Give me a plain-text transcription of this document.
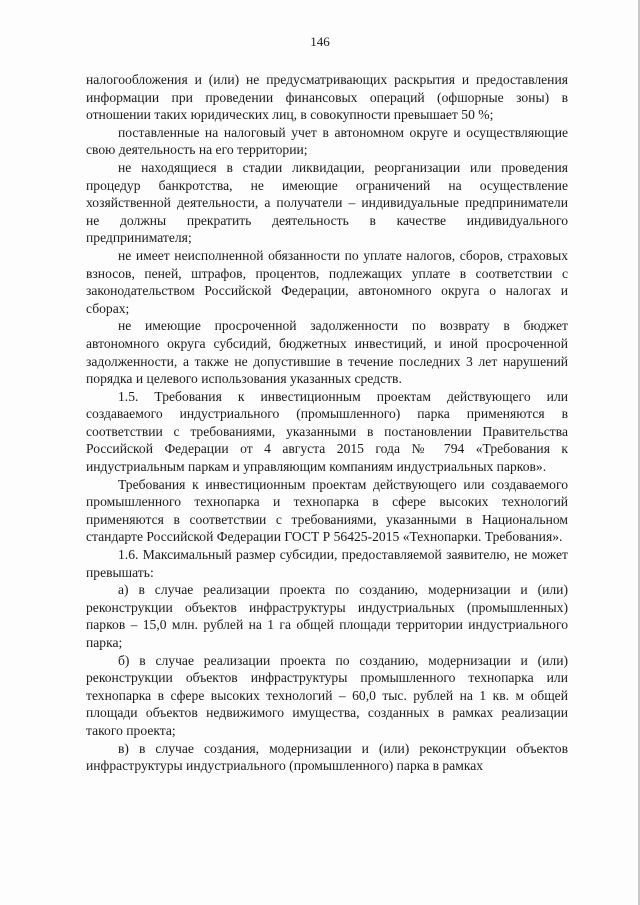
146

налогообложения и (или) не предусматривающих раскрытия и предоставления информации при проведении финансовых операций (офшорные зоны) в отношении таких юридических лиц, в совокупности превышает 50 %;

поставленные на налоговый учет в автономном округе и осуществляющие свою деятельность на его территории;

не находящиеся в стадии ликвидации, реорганизации или проведения процедур банкротства, не имеющие ограничений на осуществление хозяйственной деятельности, а получатели – индивидуальные предприниматели не должны прекратить деятельность в качестве индивидуального предпринимателя;

не имеет неисполненной обязанности по уплате налогов, сборов, страховых взносов, пеней, штрафов, процентов, подлежащих уплате в соответствии с законодательством Российской Федерации, автономного округа о налогах и сборах;

не имеющие просроченной задолженности по возврату в бюджет автономного округа субсидий, бюджетных инвестиций, и иной просроченной задолженности, а также не допустившие в течение последних 3 лет нарушений порядка и целевого использования указанных средств.

1.5. Требования к инвестиционным проектам действующего или создаваемого индустриального (промышленного) парка применяются в соответствии с требованиями, указанными в постановлении Правительства Российской Федерации от 4 августа 2015 года № 794 «Требования к индустриальным паркам и управляющим компаниям индустриальных парков».

Требования к инвестиционным проектам действующего или создаваемого промышленного технопарка и технопарка в сфере высоких технологий применяются в соответствии с требованиями, указанными в Национальном стандарте Российской Федерации ГОСТ Р 56425-2015 «Технопарки. Требования».

1.6. Максимальный размер субсидии, предоставляемой заявителю, не может превышать:

а) в случае реализации проекта по созданию, модернизации и (или) реконструкции объектов инфраструктуры индустриальных (промышленных) парков – 15,0 млн. рублей на 1 га общей площади территории индустриального парка;

б) в случае реализации проекта по созданию, модернизации и (или) реконструкции объектов инфраструктуры промышленного технопарка или технопарка в сфере высоких технологий – 60,0 тыс. рублей на 1 кв. м общей площади объектов недвижимого имущества, созданных в рамках реализации такого проекта;

в) в случае создания, модернизации и (или) реконструкции объектов инфраструктуры индустриального (промышленного) парка в рамках
